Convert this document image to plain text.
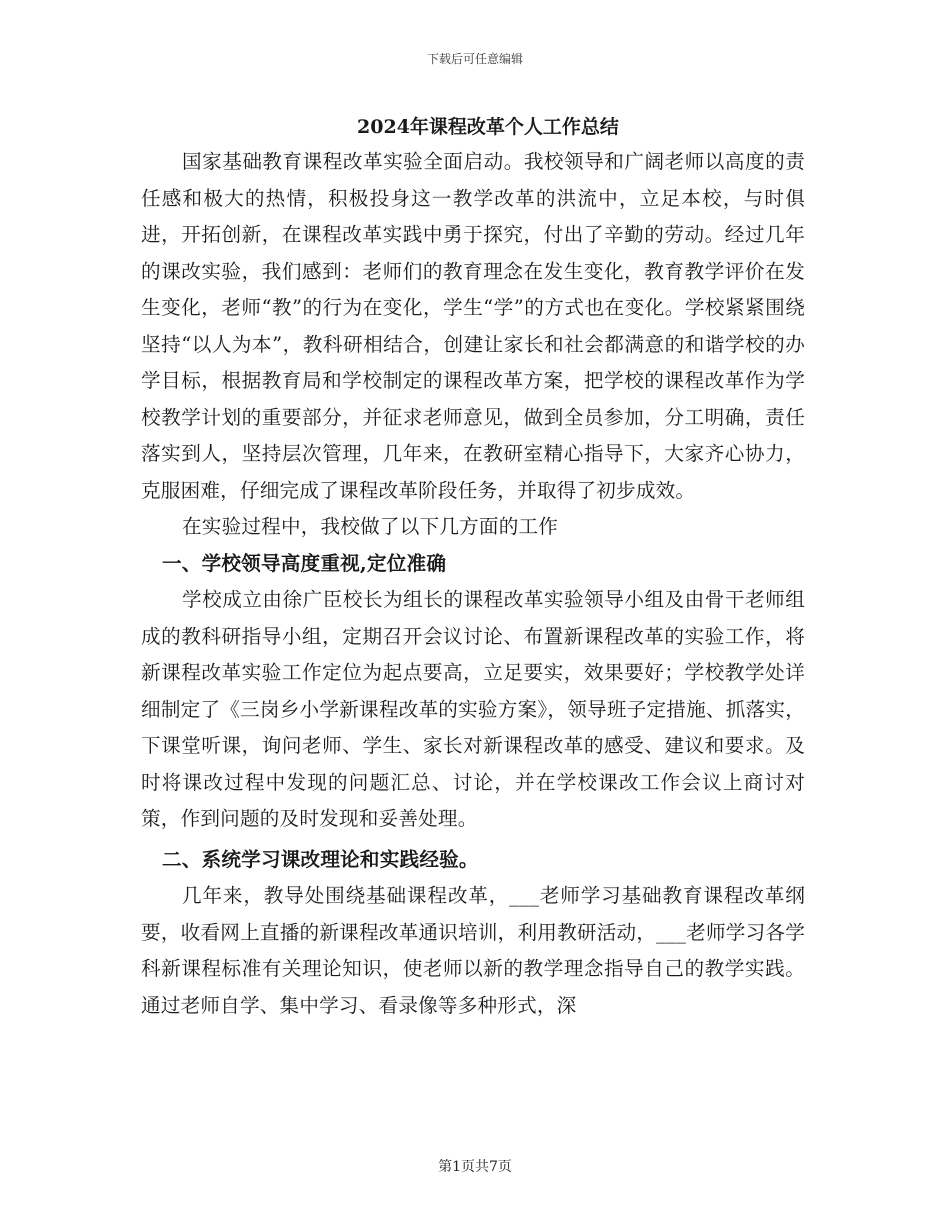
下载后可任意编辑
2024年课程改革个人工作总结

国家基础教育课程改革实验全面启动。我校领导和广阔老师以高度的责任感和极大的热情，积极投身这一教学改革的洪流中，立足本校，与时俱进，开拓创新，在课程改革实践中勇于探究，付出了辛勤的劳动。经过几年的课改实验，我们感到：老师们的教育理念在发生变化，教育教学评价在发生变化，老师“教”的行为在变化，学生“学”的方式也在变化。学校紧紧围绕坚持“以人为本”，教科研相结合，创建让家长和社会都满意的和谐学校的办学目标，根据教育局和学校制定的课程改革方案，把学校的课程改革作为学校教学计划的重要部分，并征求老师意见，做到全员参加，分工明确，责任落实到人，坚持层次管理，几年来，在教研室精心指导下，大家齐心协力，克服困难，仔细完成了课程改革阶段任务，并取得了初步成效。

在实验过程中，我校做了以下几方面的工作

一、学校领导高度重视,定位准确

学校成立由徐广臣校长为组长的课程改革实验领导小组及由骨干老师组成的教科研指导小组，定期召开会议讨论、布置新课程改革的实验工作，将新课程改革实验工作定位为起点要高，立足要实，效果要好；学校教学处详细制定了《三岗乡小学新课程改革的实验方案》，领导班子定措施、抓落实，下课堂听课，询问老师、学生、家长对新课程改革的感受、建议和要求。及时将课改过程中发现的问题汇总、讨论，并在学校课改工作会议上商讨对策，作到问题的及时发现和妥善处理。

二、系统学习课改理论和实践经验。

几年来，教导处围绕基础课程改革，___老师学习基础教育课程改革纲要，收看网上直播的新课程改革通识培训，利用教研活动，___老师学习各学科新课程标准有关理论知识，使老师以新的教学理念指导自己的教学实践。通过老师自学、集中学习、看录像等多种形式，深

第1页共7页
